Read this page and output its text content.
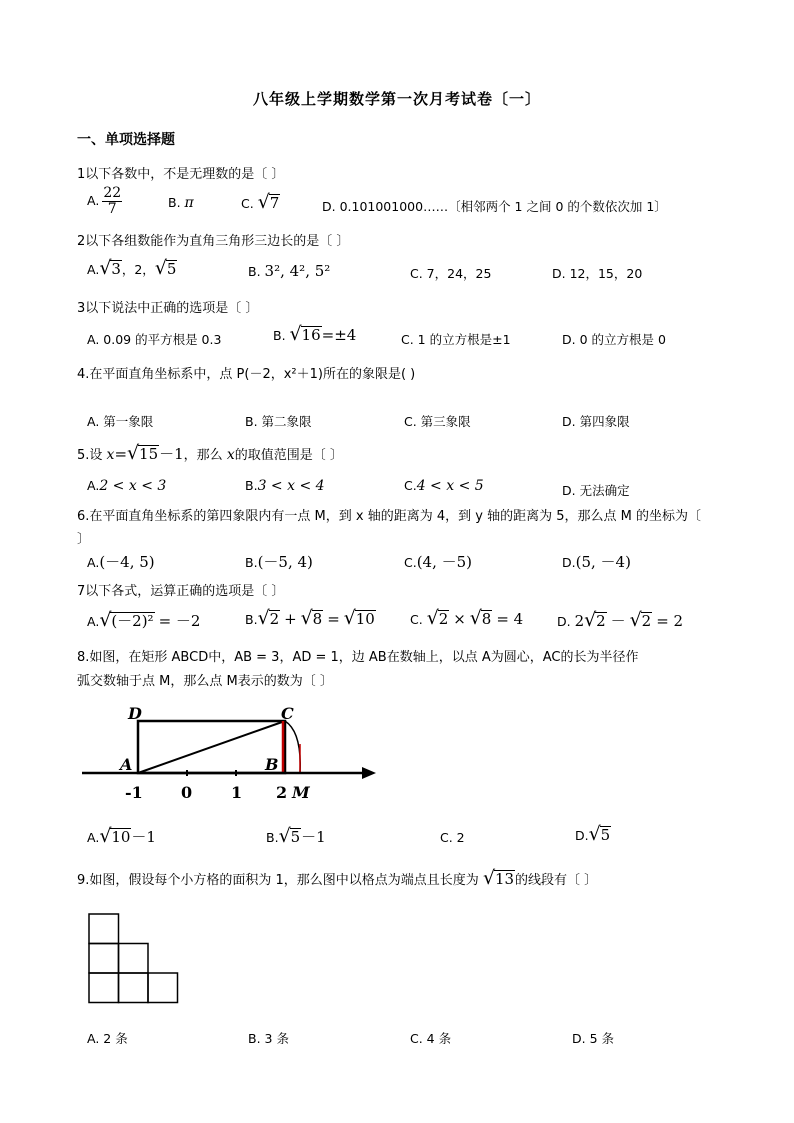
八年级上学期数学第一次月考试卷〔一〕
一、单项选择题
1以下各数中，不是无理数的是〔 〕
A. $\frac{22}{7}$	B. π	C. √ 7	D. 0.101001000……〔相邻两个 1 之间 0 的个数依次加 1〕
2以下各组数能作为直角三角形三边长的是〔 〕
A. √ 3，2， √ 5	B. 3², 4², 5²	C. 7，24，25	D. 12，15，20
3以下说法中正确的选项是〔 〕
A. 0.09 的平方根是 0.3	B. √ 16=±4	C. 1 的立方根是±1	D. 0 的立方根是 0
4.在平面直角坐标系中，点 P(－2，x²＋1)所在的象限是( )
A. 第一象限	B. 第二象限	C. 第三象限	D. 第四象限
5.设 x= √ 15－1，那么 x的取值范围是〔 〕
A.2 < x < 3	B.3 < x < 4	C.4 < x < 5	D. 无法确定
6.在平面直角坐标系的第四象限内有一点 M，到 x 轴的距离为 4，到 y 轴的距离为 5，那么点 M 的坐标为〔
〕
A.(－4, 5)	B.(－5, 4)	C.(4, －5)	D.(5, －4)
7以下各式，运算正确的选项是〔 〕
A. √ (－2)² = －2	B. √ 2 + √ 8 = √ 10	C. √ 2 × √ 8 = 4	D. 2 √ 2 － √ 2 = 2
8.如图，在矩形 ABCD中，AB = 3，AD = 1，边 AB在数轴上，以点 A为圆心，AC的长为半径作
弧交数轴于点 M，那么点 M表示的数为〔 〕
D	C
A	B
M
-1 0 1 2
A. √ 10－1	B. √ 5－1	C. 2	D. √ 5
9.如图，假设每个小方格的面积为 1，那么图中以格点为端点且长度为 √ 13的线段有〔 〕
A. 2 条	B. 3 条	C. 4 条	D. 5 条
